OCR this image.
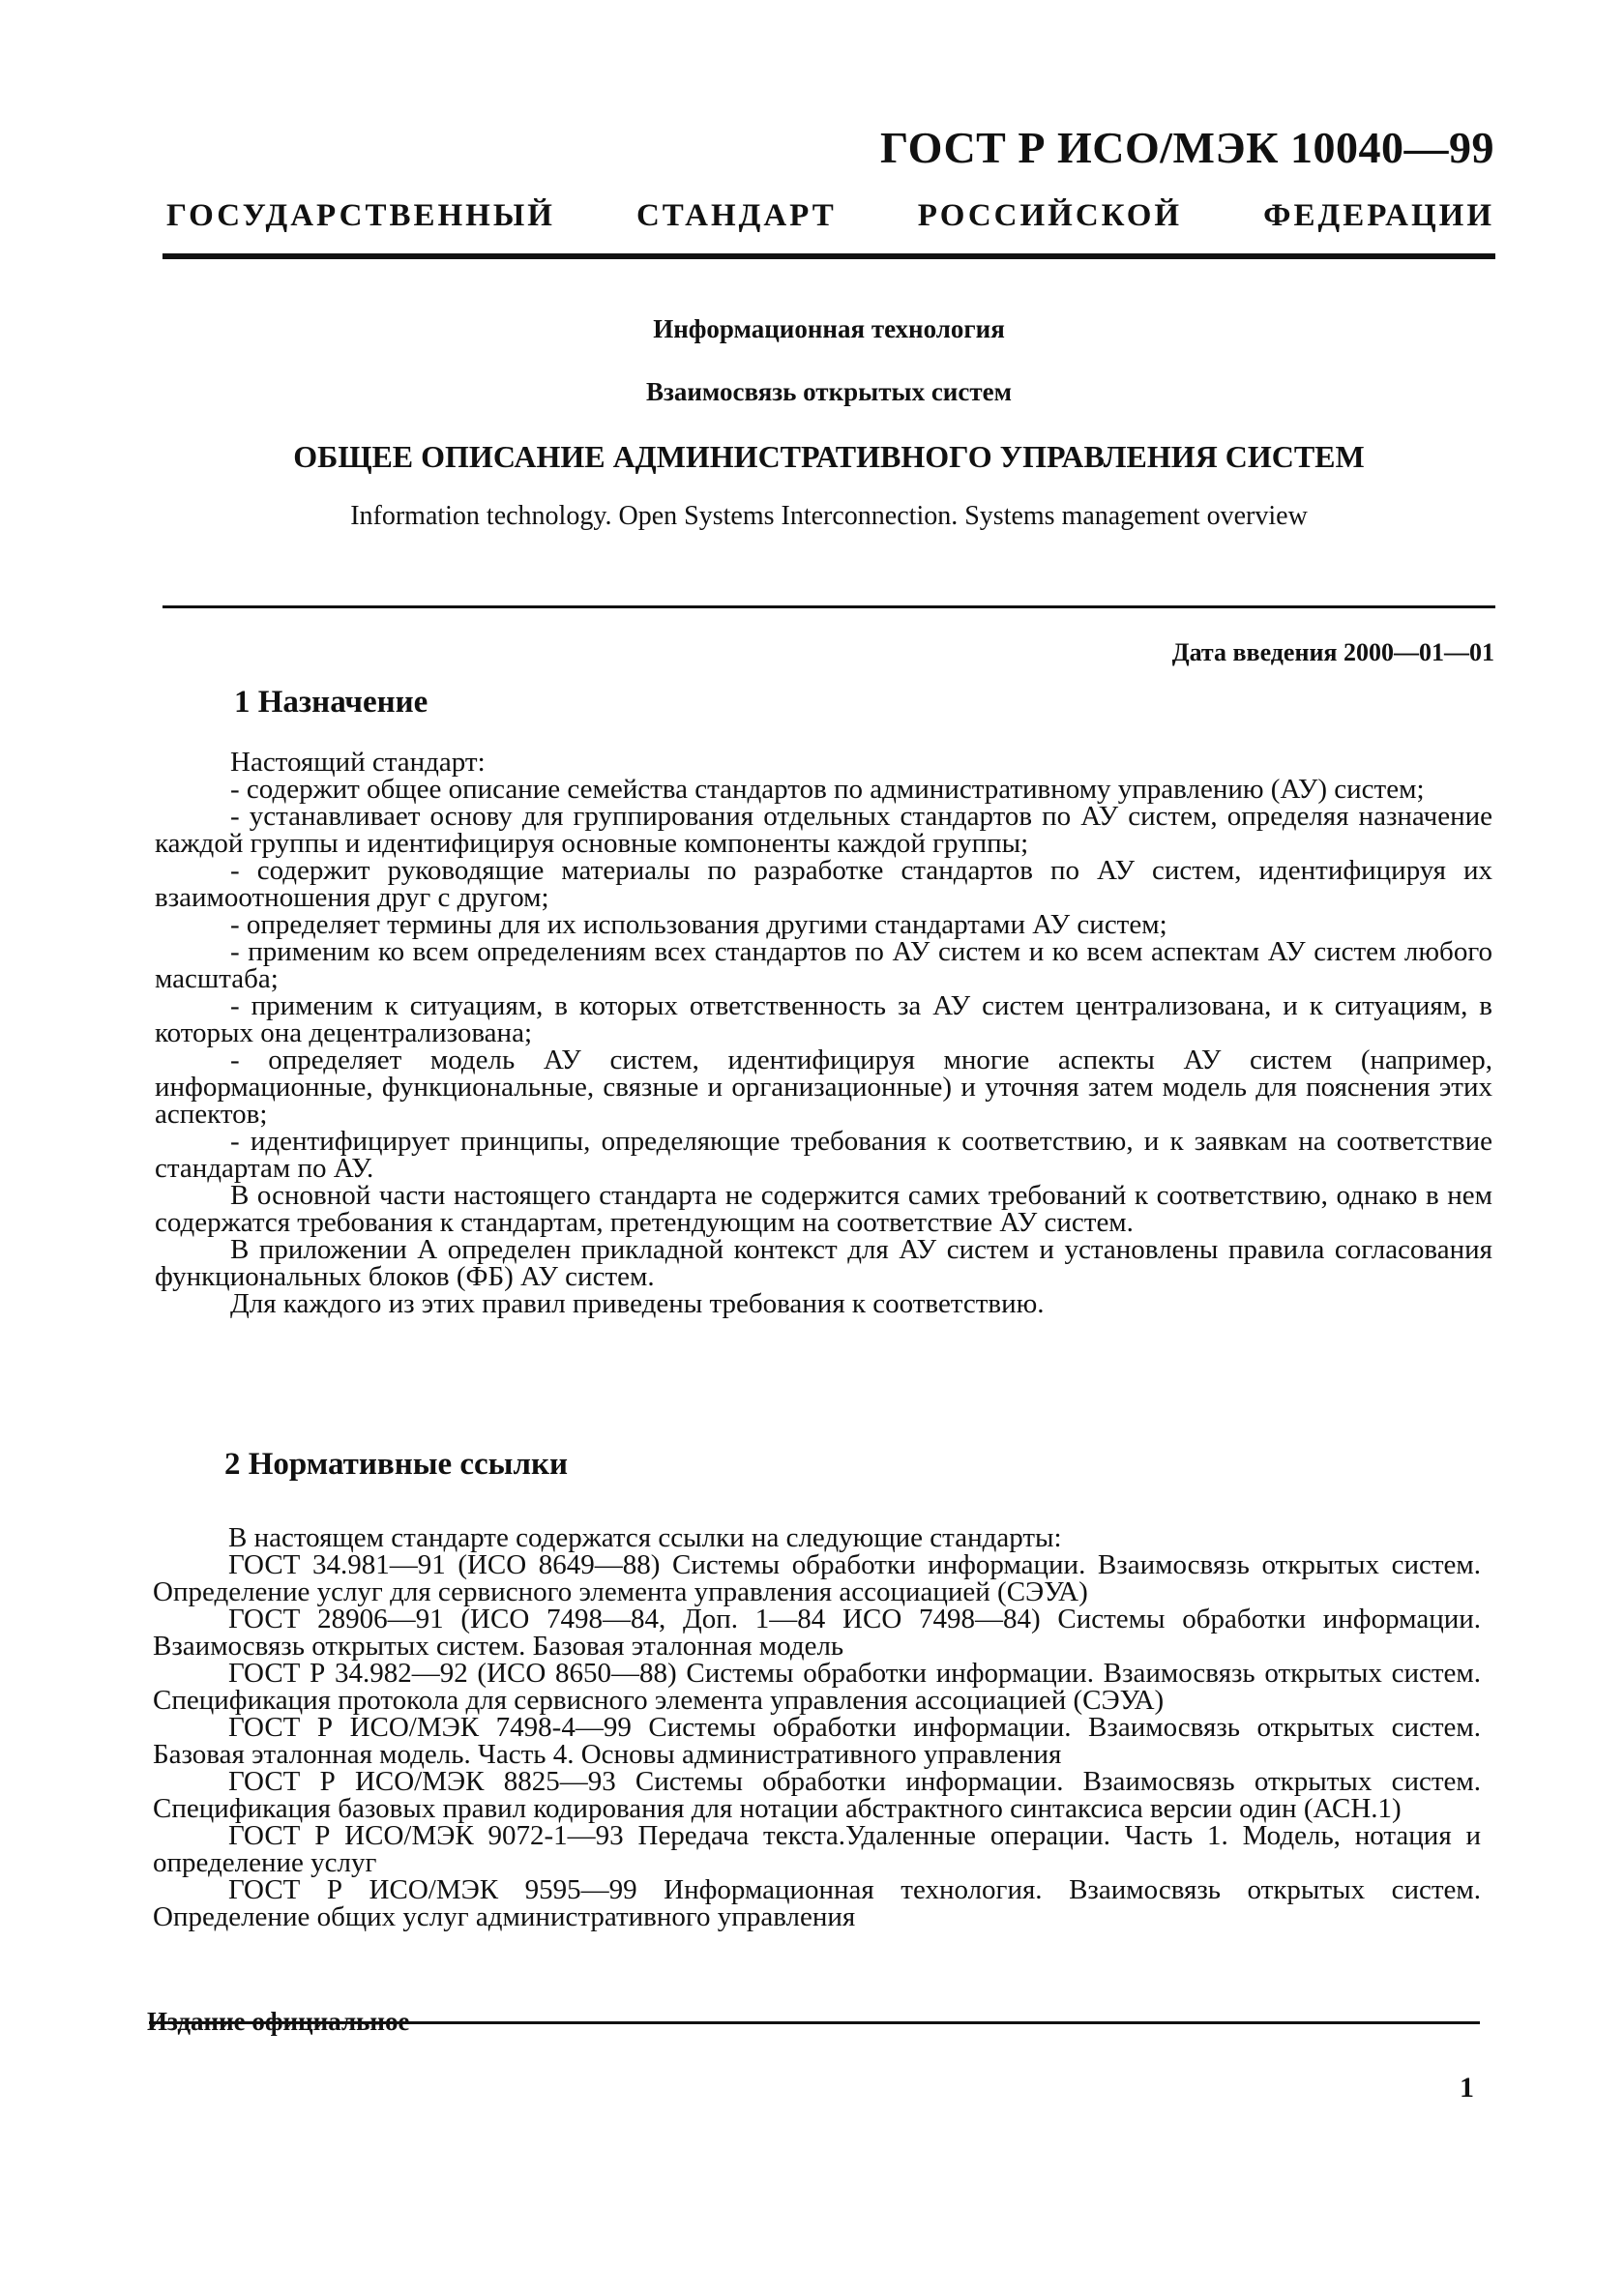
ГОСТ Р ИСО/МЭК 10040—99
ГОСУДАРСТВЕННЫЙ СТАНДАРТ РОССИЙСКОЙ ФЕДЕРАЦИИ
Информационная технология
Взаимосвязь открытых систем
ОБЩЕЕ ОПИСАНИЕ АДМИНИСТРАТИВНОГО УПРАВЛЕНИЯ СИСТЕМ
Information technology. Open Systems Interconnection. Systems management overview
Дата введения 2000—01—01
1 Назначение

Настоящий стандарт:

- содержит общее описание семейства стандартов по административному управлению (АУ) систем;

- устанавливает основу для группирования отдельных стандартов по АУ систем, определяя назначение каждой группы и идентифицируя основные компоненты каждой группы;

- содержит руководящие материалы по разработке стандартов по АУ систем, идентифицируя их взаимоотношения друг с другом;

- определяет термины для их использования другими стандартами АУ систем;

- применим ко всем определениям всех стандартов по АУ систем и ко всем аспектам АУ систем любого масштаба;

- применим к ситуациям, в которых ответственность за АУ систем централизована, и к ситуациям, в которых она децентрализована;

- определяет модель АУ систем, идентифицируя многие аспекты АУ систем (например, информационные, функциональные, связные и организационные) и уточняя затем модель для пояснения этих аспектов;

- идентифицирует принципы, определяющие требования к соответствию, и к заявкам на соответствие стандартам по АУ.

В основной части настоящего стандарта не содержится самих требований к соответствию, однако в нем содержатся требования к стандартам, претендующим на соответствие АУ систем.

В приложении А определен прикладной контекст для АУ систем и установлены правила согласования функциональных блоков (ФБ) АУ систем.

Для каждого из этих правил приведены требования к соответствию.

2 Нормативные ссылки

В настоящем стандарте содержатся ссылки на следующие стандарты:

ГОСТ 34.981—91 (ИСО 8649—88) Системы обработки информации. Взаимосвязь открытых систем. Определение услуг для сервисного элемента управления ассоциацией (СЭУА)

ГОСТ 28906—91 (ИСО 7498—84, Доп. 1—84 ИСО 7498—84) Системы обработки информации. Взаимосвязь открытых систем. Базовая эталонная модель

ГОСТ Р 34.982—92 (ИСО 8650—88) Системы обработки информации. Взаимосвязь открытых систем. Спецификация протокола для сервисного элемента управления ассоциацией (СЭУА)

ГОСТ Р ИСО/МЭК 7498-4—99 Системы обработки информации. Взаимосвязь открытых систем. Базовая эталонная модель. Часть 4. Основы административного управления

ГОСТ Р ИСО/МЭК 8825—93 Системы обработки информации. Взаимосвязь открытых систем. Спецификация базовых правил кодирования для нотации абстрактного синтаксиса версии один (АСН.1)

ГОСТ Р ИСО/МЭК 9072-1—93 Передача текста.Удаленные операции. Часть 1. Модель, нотация и определение услуг

ГОСТ Р ИСО/МЭК 9595—99 Информационная технология. Взаимосвязь открытых систем. Определение общих услуг административного управления

Издание официальное
1
